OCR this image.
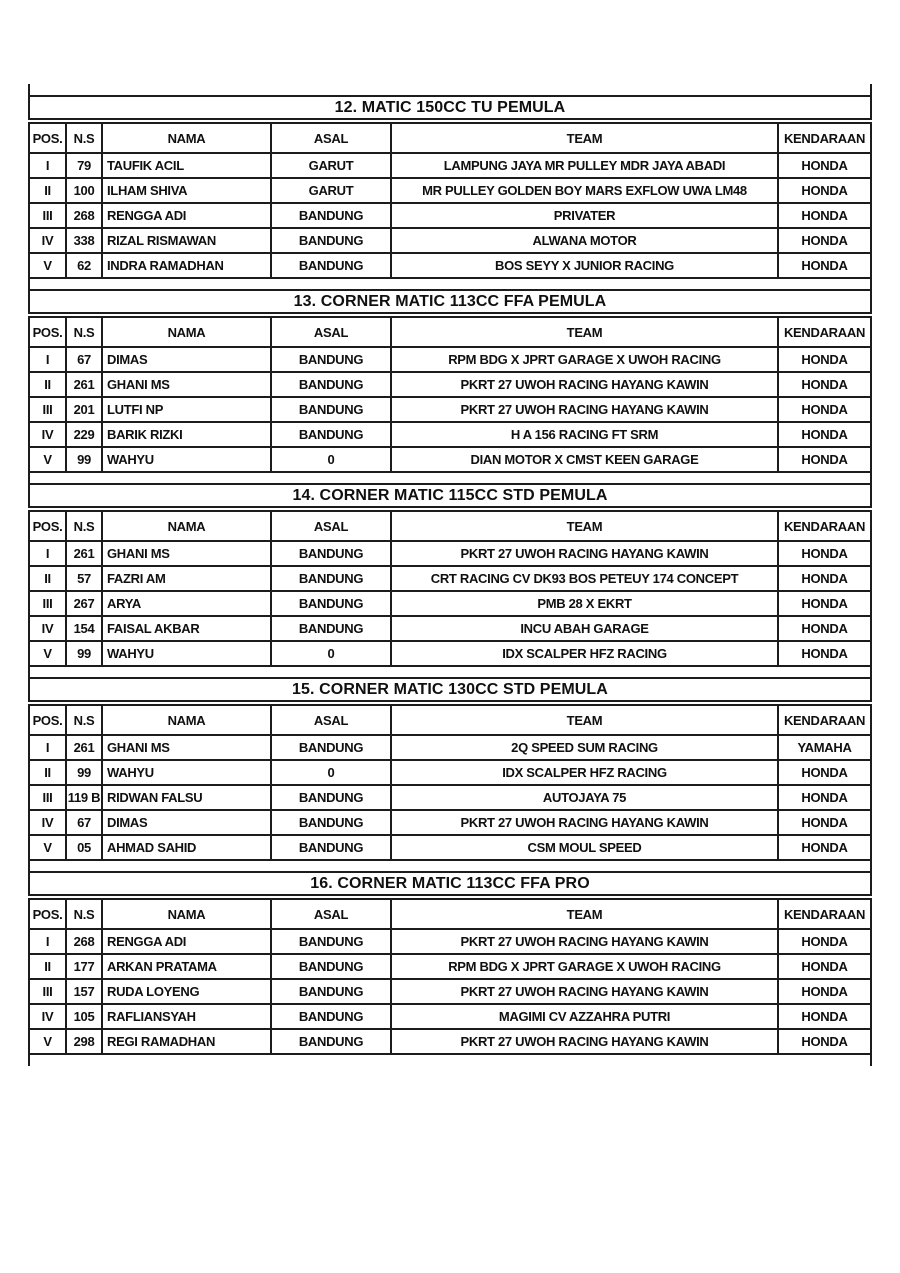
12. MATIC 150CC TU PEMULA
POS. N.S	NAMA	ASAL	TEAM	KENDARAAN
I	79	TAUFIK ACIL	GARUT	LAMPUNG JAYA MR PULLEY MDR JAYA ABADI	HONDA
II	100 ILHAM SHIVA	GARUT	MR PULLEY GOLDEN BOY MARS EXFLOW UWA LM48	HONDA
III	268 RENGGA ADI	BANDUNG	PRIVATER	HONDA
IV	338 RIZAL RISMAWAN	BANDUNG	ALWANA MOTOR	HONDA
V	62	INDRA RAMADHAN	BANDUNG	BOS SEYY X JUNIOR RACING	HONDA
13. CORNER MATIC 113CC FFA PEMULA
POS. N.S	NAMA	ASAL	TEAM	KENDARAAN
I	67	DIMAS	BANDUNG	RPM BDG X JPRT GARAGE X UWOH RACING	HONDA
II	261 GHANI MS	BANDUNG	PKRT 27 UWOH RACING HAYANG KAWIN	HONDA
III	201 LUTFI NP	BANDUNG	PKRT 27 UWOH RACING HAYANG KAWIN	HONDA
IV	229 BARIK RIZKI	BANDUNG	H A 156 RACING FT SRM	HONDA
V	99	WAHYU	0	DIAN MOTOR X CMST KEEN GARAGE	HONDA
14. CORNER MATIC 115CC STD PEMULA
POS. N.S	NAMA	ASAL	TEAM	KENDARAAN
I	261 GHANI MS	BANDUNG	PKRT 27 UWOH RACING HAYANG KAWIN	HONDA
II	57	FAZRI AM	BANDUNG	CRT RACING CV DK93 BOS PETEUY 174 CONCEPT	HONDA
III	267 ARYA	BANDUNG	PMB 28 X EKRT	HONDA
IV	154 FAISAL AKBAR	BANDUNG	INCU ABAH GARAGE	HONDA
V	99	WAHYU	0	IDX SCALPER HFZ RACING	HONDA
15. CORNER MATIC 130CC STD PEMULA
POS. N.S	NAMA	ASAL	TEAM	KENDARAAN
I	261 GHANI MS	BANDUNG	2Q SPEED SUM RACING	YAMAHA
II	99	WAHYU	0	IDX SCALPER HFZ RACING	HONDA
III	119 B RIDWAN FALSU	BANDUNG	AUTOJAYA 75	HONDA
IV	67	DIMAS	BANDUNG	PKRT 27 UWOH RACING HAYANG KAWIN	HONDA
V	05	AHMAD SAHID	BANDUNG	CSM MOUL SPEED	HONDA
16. CORNER MATIC 113CC FFA PRO
POS. N.S	NAMA	ASAL	TEAM	KENDARAAN
I	268 RENGGA ADI	BANDUNG	PKRT 27 UWOH RACING HAYANG KAWIN	HONDA
II	177 ARKAN PRATAMA	BANDUNG	RPM BDG X JPRT GARAGE X UWOH RACING	HONDA
III	157 RUDA LOYENG	BANDUNG	PKRT 27 UWOH RACING HAYANG KAWIN	HONDA
IV	105 RAFLIANSYAH	BANDUNG	MAGIMI CV AZZAHRA PUTRI	HONDA
V	298 REGI RAMADHAN	BANDUNG	PKRT 27 UWOH RACING HAYANG KAWIN	HONDA
